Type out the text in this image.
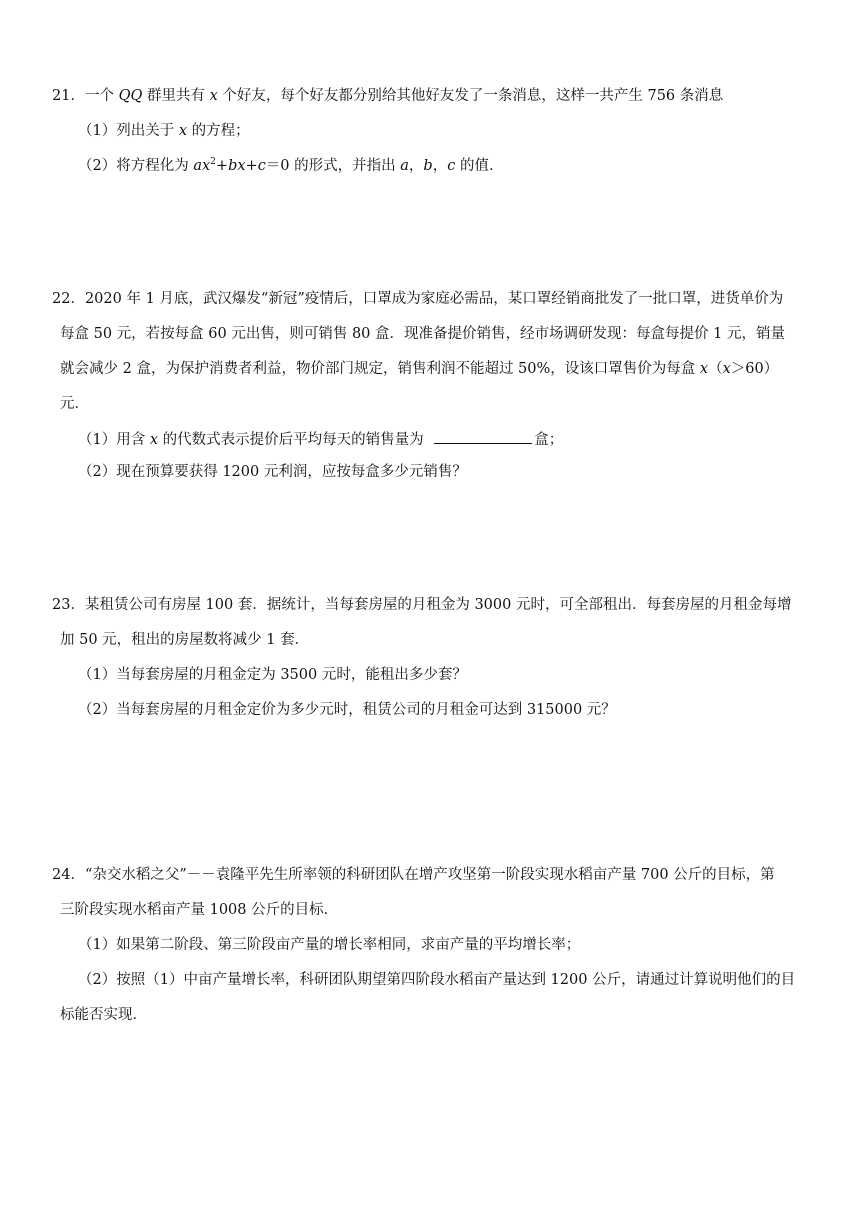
21．一个 QQ 群里共有 x 个好友，每个好友都分别给其他好友发了一条消息，这样一共产生 756 条消息
（1）列出关于 x 的方程；
（2）将方程化为 $ax^2+bx+c=0$ 的形式，并指出 a，b，c 的值．
22．2020 年 1 月底，武汉爆发“新冠”疫情后，口罩成为家庭必需品，某口罩经销商批发了一批口罩，进货单价为
每盒 50 元，若按每盒 60 元出售，则可销售 80 盒．现准备提价销售，经市场调研发现：每盒每提价 1 元，销量
就会减少 2 盒，为保护消费者利益，物价部门规定，销售利润不能超过 50%，设该口罩售价为每盒 x（x＞60）
元．
（1）用含 x 的代数式表示提价后平均每天的销售量为	盒；
（2）现在预算要获得 1200 元利润，应按每盒多少元销售？
23．某租赁公司有房屋 100 套．据统计，当每套房屋的月租金为 3000 元时，可全部租出．每套房屋的月租金每增
加 50 元，租出的房屋数将减少 1 套．
（1）当每套房屋的月租金定为 3500 元时，能租出多少套？
（2）当每套房屋的月租金定价为多少元时，租赁公司的月租金可达到 315000 元？
24．“杂交水稻之父”－－袁隆平先生所率领的科研团队在增产攻坚第一阶段实现水稻亩产量 700 公斤的目标，第
三阶段实现水稻亩产量 1008 公斤的目标．
（1）如果第二阶段、第三阶段亩产量的增长率相同，求亩产量的平均增长率；
（2）按照（1）中亩产量增长率，科研团队期望第四阶段水稻亩产量达到 1200 公斤，请通过计算说明他们的目
标能否实现．
